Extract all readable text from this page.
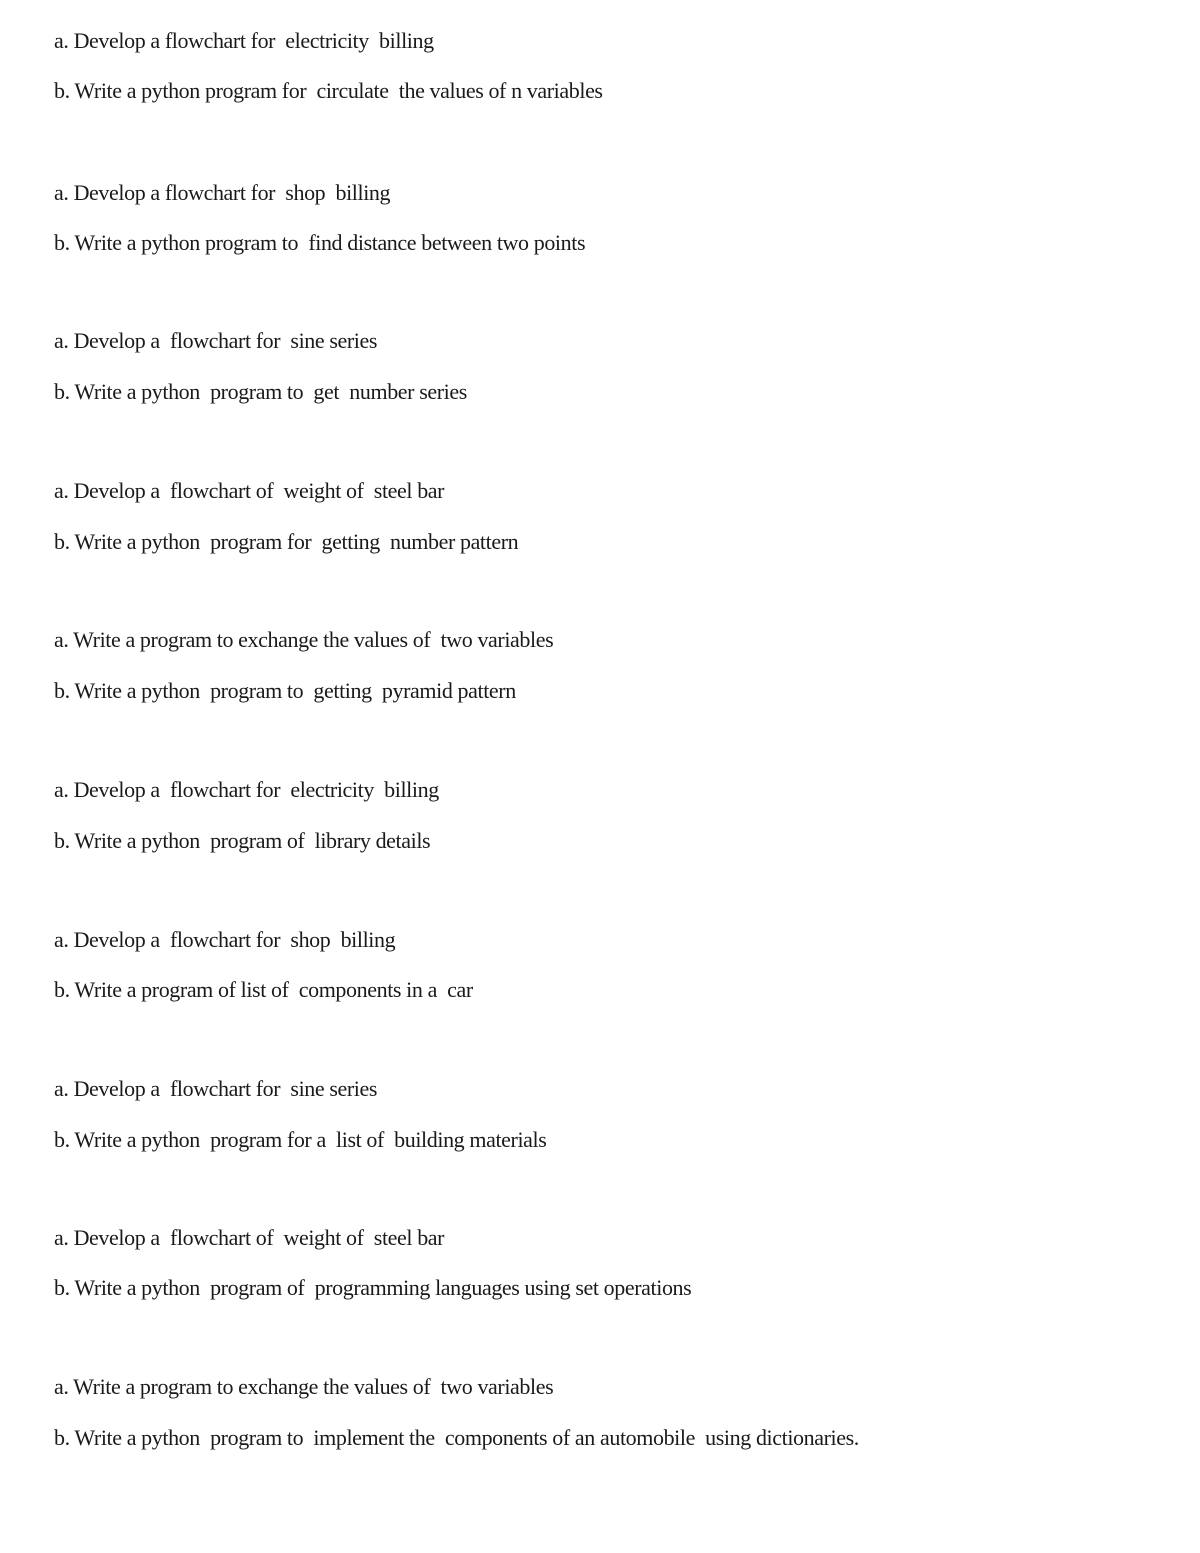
a. Develop a flowchart for  electricity  billing
b. Write a python program for  circulate  the values of n variables
a. Develop a flowchart for  shop  billing
b. Write a python program to  find distance between two points
a. Develop a  flowchart for  sine series
b. Write a python  program to  get  number series
a. Develop a  flowchart of  weight of  steel bar
b. Write a python  program for  getting  number pattern
a. Write a program to exchange the values of  two variables
b. Write a python  program to  getting  pyramid pattern
a. Develop a  flowchart for  electricity  billing
b. Write a python  program of  library details
a. Develop a  flowchart for  shop  billing
b. Write a program of list of  components in a  car
a. Develop a  flowchart for  sine series
b. Write a python  program for a  list of  building materials
a. Develop a  flowchart of  weight of  steel bar
b. Write a python  program of  programming languages using set operations
a. Write a program to exchange the values of  two variables
b. Write a python  program to  implement the  components of an automobile  using dictionaries.
